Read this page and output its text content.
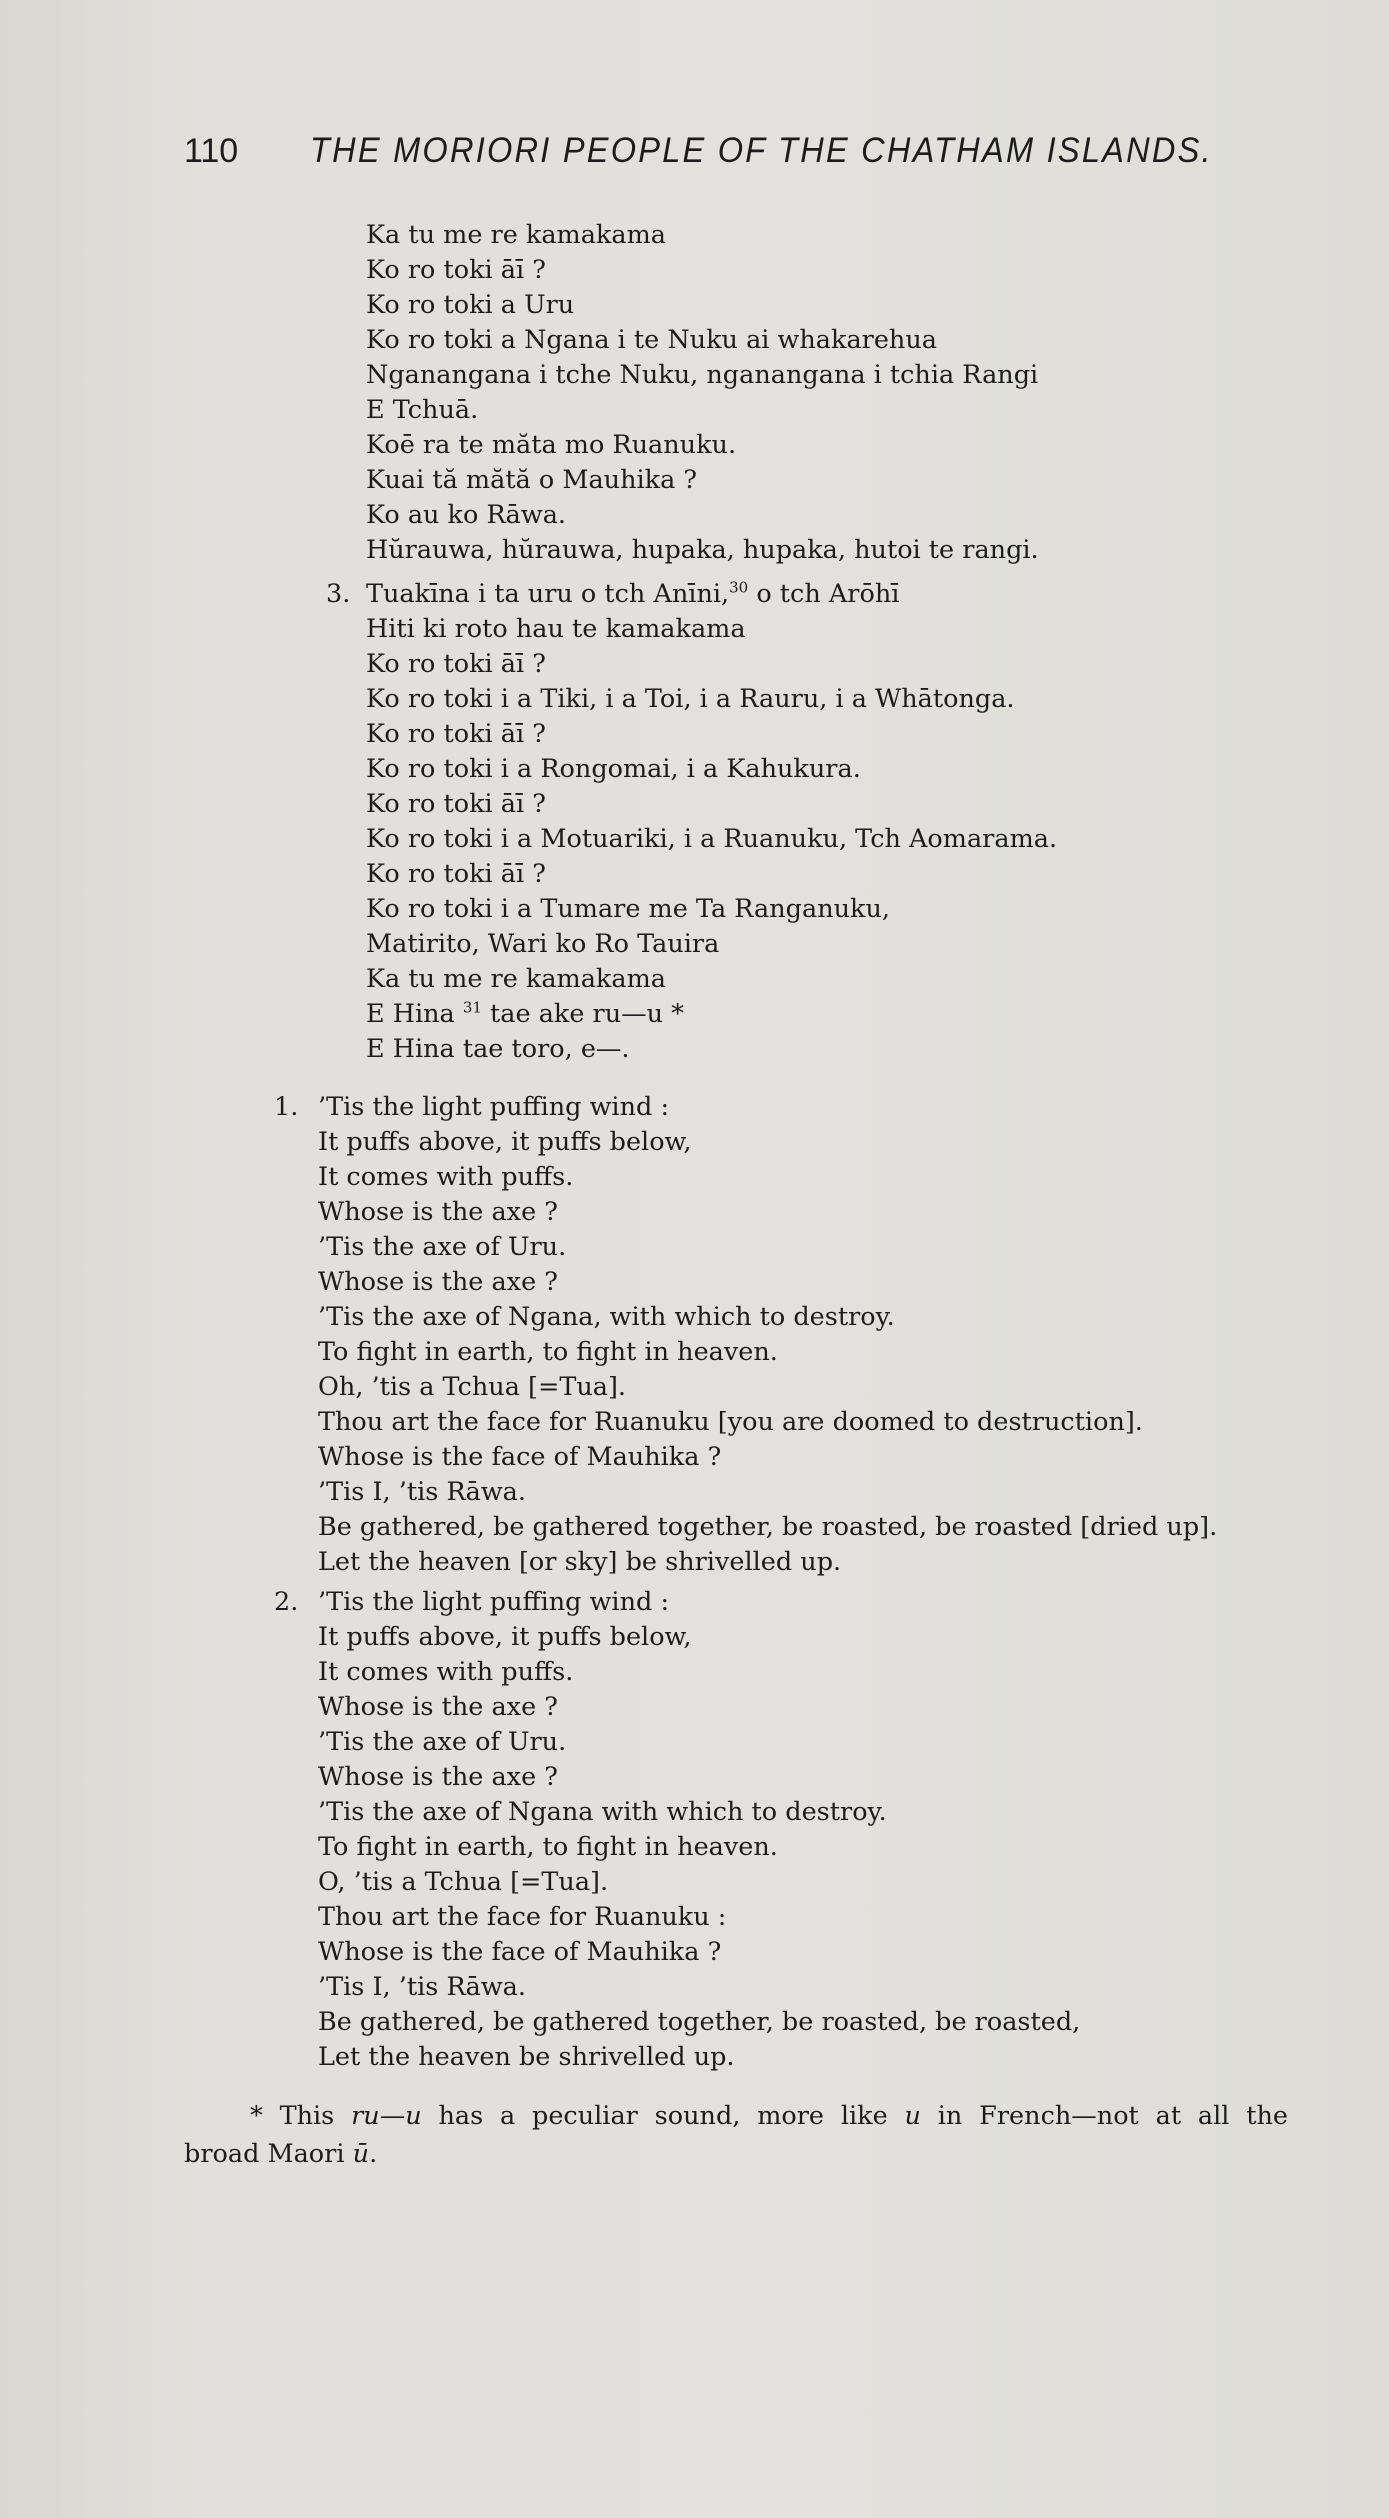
110 THE MORIORI PEOPLE OF THE CHATHAM ISLANDS.
Ka tu me re kamakama
Ko ro toki āī ?
Ko ro toki a Uru
Ko ro toki a Ngana i te Nuku ai whakarehua
Nganangana i tche Nuku, nganangana i tchia Rangi
E Tchuā.
Koē ra te măta mo Ruanuku.
Kuai tă mătă o Mauhika ?
Ko au ko Rāwa.
Hŭrauwa, hŭrauwa, hupaka, hupaka, hutoi te rangi.
3. Tuakīna i ta uru o tch Anīni,$^{30}$ o tch Arōhī
Hiti ki roto hau te kamakama
Ko ro toki āī ?
Ko ro toki i a Tiki, i a Toi, i a Rauru, i a Whātonga.
Ko ro toki āī ?
Ko ro toki i a Rongomai, i a Kahukura.
Ko ro toki āī ?
Ko ro toki i a Motuariki, i a Ruanuku, Tch Aomarama.
Ko ro toki āī ?
Ko ro toki i a Tumare me Ta Ranganuku,
Matirito, Wari ko Ro Tauira
Ka tu me re kamakama
E Hina $^{31}$ tae ake ru—u *
E Hina tae toro, e—.
1. ’Tis the light puffing wind :
It puffs above, it puffs below,
It comes with puffs.
Whose is the axe ?
’Tis the axe of Uru.
Whose is the axe ?
’Tis the axe of Ngana, with which to destroy.
To fight in earth, to fight in heaven.
Oh, ’tis a Tchua [=Tua].
Thou art the face for Ruanuku [you are doomed to destruction].
Whose is the face of Mauhika ?
’Tis I, ’tis Rāwa.
Be gathered, be gathered together, be roasted, be roasted [dried up].
Let the heaven [or sky] be shrivelled up.
2. ’Tis the light puffing wind :
It puffs above, it puffs below,
It comes with puffs.
Whose is the axe ?
’Tis the axe of Uru.
Whose is the axe ?
’Tis the axe of Ngana with which to destroy.
To fight in earth, to fight in heaven.
O, ’tis a Tchua [=Tua].
Thou art the face for Ruanuku :
Whose is the face of Mauhika ?
’Tis I, ’tis Rāwa.
Be gathered, be gathered together, be roasted, be roasted,
Let the heaven be shrivelled up.
* This ru—u has a peculiar sound, more like u in French—not at all the
broad Maori ū.
